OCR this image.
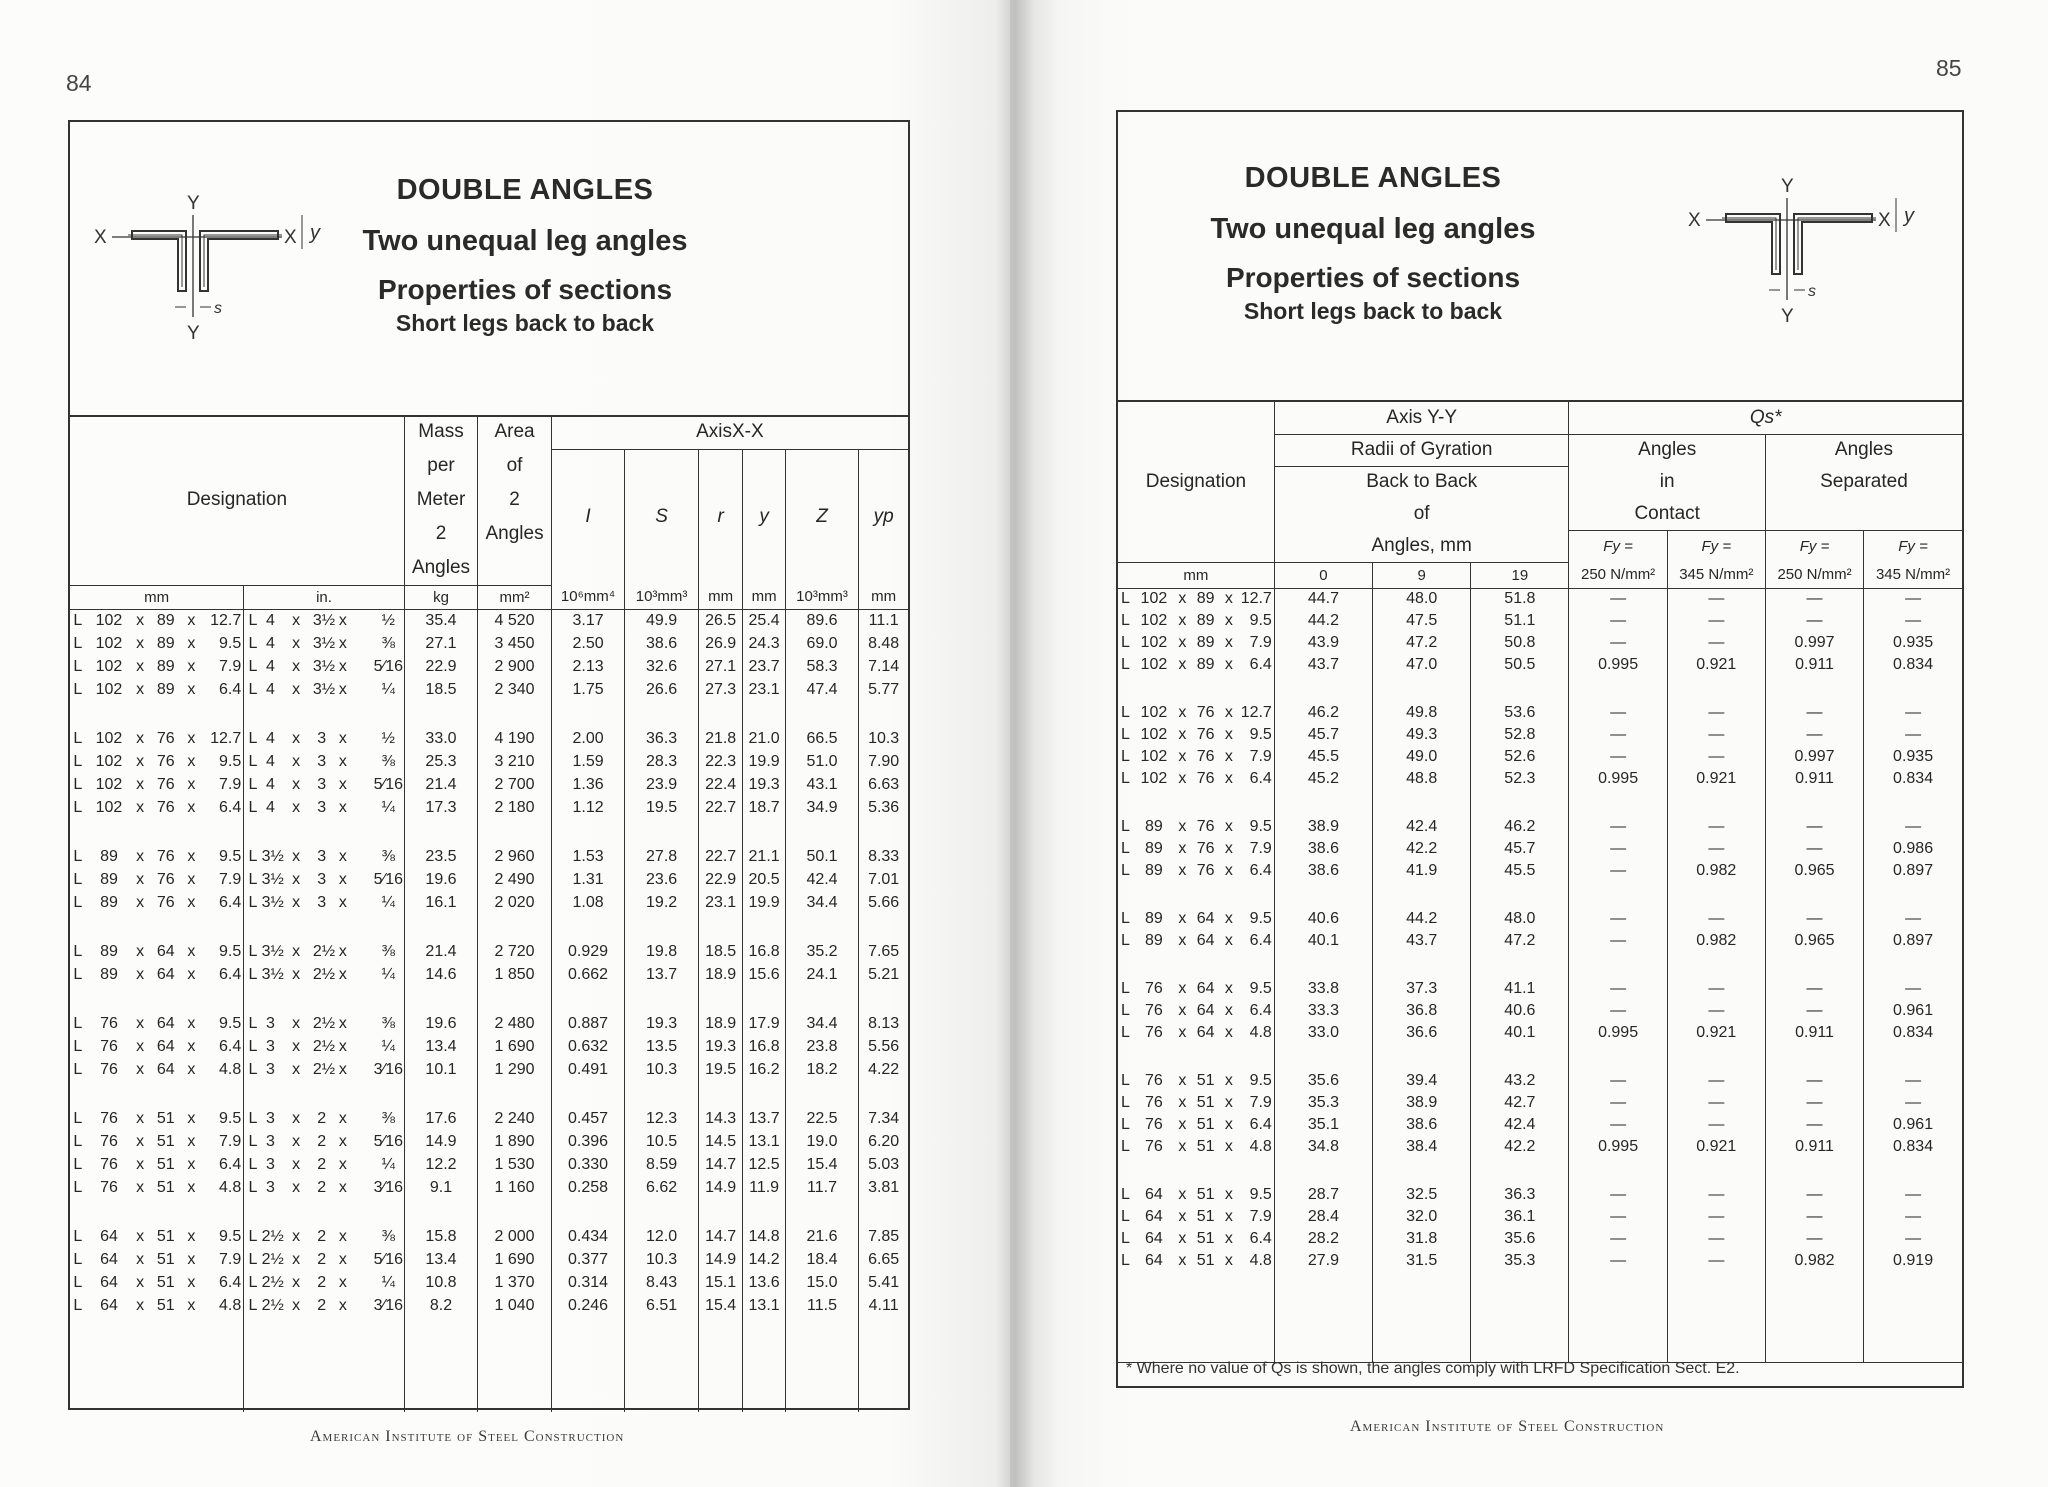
84
Y
X	X y
s
Y
DOUBLE ANGLES
Two unequal leg angles
Properties of sections
Short legs back to back
Designation													Mass	Area	AxisX-X					
													per	of	I	S	r	y	Z	yp
													Meter	2						
													2	Angles						
													Angles							
mm						in.							kg	mm²	10⁶mm⁴	10³mm³	mm	mm	10³mm³	mm
L	102	x	89	x	12.7	L	4	x	3½	x		½	35.4	4 520	3.17	49.9	26.5	25.4	89.6	11.1
L	102	x	89	x	9.5	L	4	x	3½	x		⅜	27.1	3 450	2.50	38.6	26.9	24.3	69.0	8.48
L	102	x	89	x	7.9	L	4	x	3½	x		5⁄16	22.9	2 900	2.13	32.6	27.1	23.7	58.3	7.14
L	102	x	89	x	6.4	L	4	x	3½	x		¼	18.5	2 340	1.75	26.6	27.3	23.1	47.4	5.77

L	102	x	76	x	12.7	L	4	x	3	x		½	33.0	4 190	2.00	36.3	21.8	21.0	66.5	10.3
L	102	x	76	x	9.5	L	4	x	3	x		⅜	25.3	3 210	1.59	28.3	22.3	19.9	51.0	7.90
L	102	x	76	x	7.9	L	4	x	3	x		5⁄16	21.4	2 700	1.36	23.9	22.4	19.3	43.1	6.63
L	102	x	76	x	6.4	L	4	x	3	x		¼	17.3	2 180	1.12	19.5	22.7	18.7	34.9	5.36

L	89	x	76	x	9.5	L	3½	x	3	x		⅜	23.5	2 960	1.53	27.8	22.7	21.1	50.1	8.33
L	89	x	76	x	7.9	L	3½	x	3	x		5⁄16	19.6	2 490	1.31	23.6	22.9	20.5	42.4	7.01
L	89	x	76	x	6.4	L	3½	x	3	x		¼	16.1	2 020	1.08	19.2	23.1	19.9	34.4	5.66

L	89	x	64	x	9.5	L	3½	x	2½	x		⅜	21.4	2 720	0.929	19.8	18.5	16.8	35.2	7.65
L	89	x	64	x	6.4	L	3½	x	2½	x		¼	14.6	1 850	0.662	13.7	18.9	15.6	24.1	5.21

L	76	x	64	x	9.5	L	3	x	2½	x		⅜	19.6	2 480	0.887	19.3	18.9	17.9	34.4	8.13
L	76	x	64	x	6.4	L	3	x	2½	x		¼	13.4	1 690	0.632	13.5	19.3	16.8	23.8	5.56
L	76	x	64	x	4.8	L	3	x	2½	x		3⁄16	10.1	1 290	0.491	10.3	19.5	16.2	18.2	4.22

L	76	x	51	x	9.5	L	3	x	2	x		⅜	17.6	2 240	0.457	12.3	14.3	13.7	22.5	7.34
L	76	x	51	x	7.9	L	3	x	2	x		5⁄16	14.9	1 890	0.396	10.5	14.5	13.1	19.0	6.20
L	76	x	51	x	6.4	L	3	x	2	x		¼	12.2	1 530	0.330	8.59	14.7	12.5	15.4	5.03
L	76	x	51	x	4.8	L	3	x	2	x		3⁄16	9.1	1 160	0.258	6.62	14.9	11.9	11.7	3.81

L	64	x	51	x	9.5	L	2½	x	2	x		⅜	15.8	2 000	0.434	12.0	14.7	14.8	21.6	7.85
L	64	x	51	x	7.9	L	2½	x	2	x		5⁄16	13.4	1 690	0.377	10.3	14.9	14.2	18.4	6.65
L	64	x	51	x	6.4	L	2½	x	2	x		¼	10.8	1 370	0.314	8.43	15.1	13.6	15.0	5.41
L	64	x	51	x	4.8	L	2½	x	2	x		3⁄16	8.2	1 040	0.246	6.51	15.4	13.1	11.5	4.11

American Institute of Steel Construction
85
DOUBLE ANGLES
Two unequal leg angles
Properties of sections
Short legs back to back
Y
X	X y
s
Y
Designation						Axis Y-Y			Qs*			
						Radii of Gyration			Angles		Angles	
						Back to Back			in		Separated	
						of			Contact			
						Angles, mm			Fy =	Fy =	Fy =	Fy =
mm						0	9	19	250 N/mm²	345 N/mm²	250 N/mm²	345 N/mm²
L	102	x	89	x	12.7	44.7	48.0	51.8	—	—	—	—
L	102	x	89	x	9.5	44.2	47.5	51.1	—	—	—	—
L	102	x	89	x	7.9	43.9	47.2	50.8	—	—	0.997	0.935
L	102	x	89	x	6.4	43.7	47.0	50.5	0.995	0.921	0.911	0.834

L	102	x	76	x	12.7	46.2	49.8	53.6	—	—	—	—
L	102	x	76	x	9.5	45.7	49.3	52.8	—	—	—	—
L	102	x	76	x	7.9	45.5	49.0	52.6	—	—	0.997	0.935
L	102	x	76	x	6.4	45.2	48.8	52.3	0.995	0.921	0.911	0.834

L	89	x	76	x	9.5	38.9	42.4	46.2	—	—	—	—
L	89	x	76	x	7.9	38.6	42.2	45.7	—	—	—	0.986
L	89	x	76	x	6.4	38.6	41.9	45.5	—	0.982	0.965	0.897

L	89	x	64	x	9.5	40.6	44.2	48.0	—	—	—	—
L	89	x	64	x	6.4	40.1	43.7	47.2	—	0.982	0.965	0.897

L	76	x	64	x	9.5	33.8	37.3	41.1	—	—	—	—
L	76	x	64	x	6.4	33.3	36.8	40.6	—	—	—	0.961
L	76	x	64	x	4.8	33.0	36.6	40.1	0.995	0.921	0.911	0.834

L	76	x	51	x	9.5	35.6	39.4	43.2	—	—	—	—
L	76	x	51	x	7.9	35.3	38.9	42.7	—	—	—	—
L	76	x	51	x	6.4	35.1	38.6	42.4	—	—	—	0.961
L	76	x	51	x	4.8	34.8	38.4	42.2	0.995	0.921	0.911	0.834

L	64	x	51	x	9.5	28.7	32.5	36.3	—	—	—	—
L	64	x	51	x	7.9	28.4	32.0	36.1	—	—	—	—
L	64	x	51	x	6.4	28.2	31.8	35.6	—	—	—	—
L	64	x	51	x	4.8	27.9	31.5	35.3	—	—	0.982	0.919

* Where no value of Qs is shown, the angles comply with LRFD Specification Sect. E2.
American Institute of Steel Construction
